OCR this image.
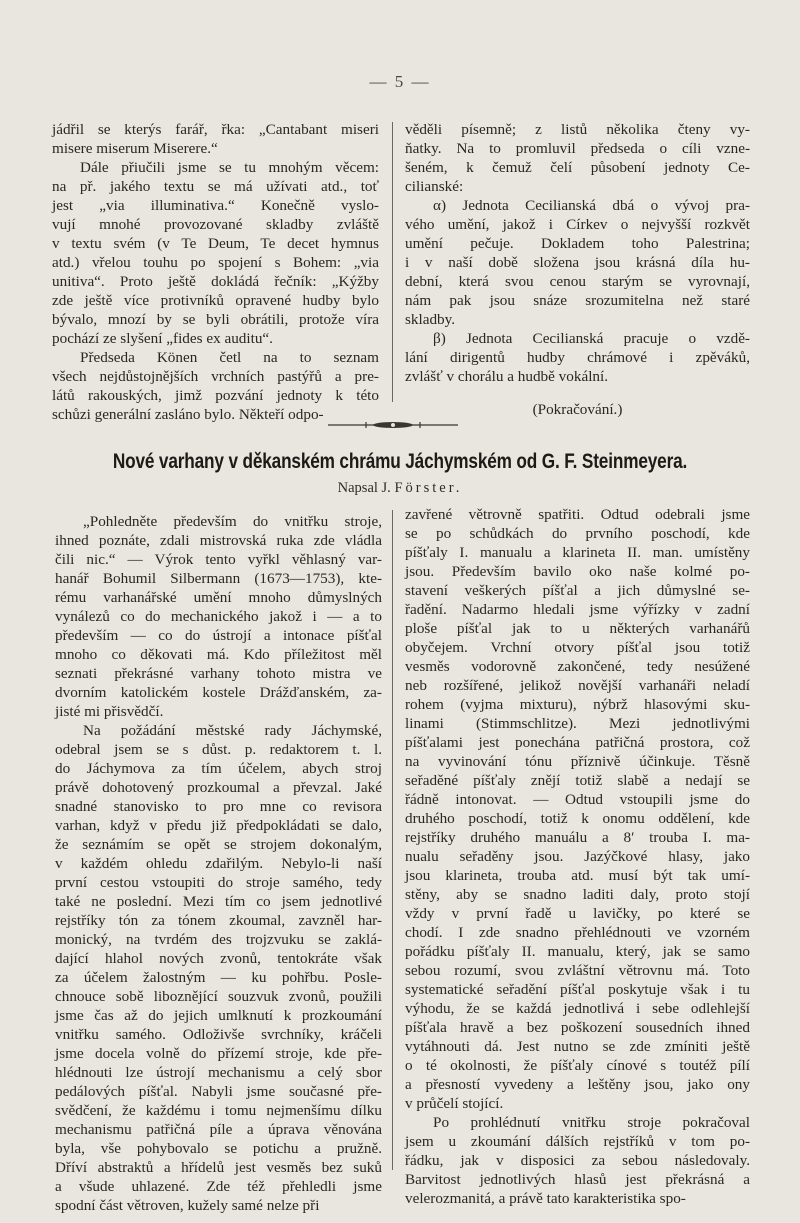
— 5 —
jádřil se kterýs farář, řka: „Cantabant miseri
misere miserum Miserere.“
Dále přiučili jsme se tu mnohým věcem:
na př. jakého textu se má užívati atd., toť
jest „via illuminativa.“ Konečně vyslo-
vují mnohé provozované skladby zvláště
v textu svém (v Te Deum, Te decet hymnus
atd.) vřelou touhu po spojení s Bohem: „via
unitiva“. Proto ještě dokládá řečník: „Kýžby
zde ještě více protivníků opravené hudby bylo
bývalo, mnozí by se byli obrátili, protože víra
pochází ze slyšení „fides ex auditu“.
Předseda Könen četl na to seznam
všech nejdůstojnějších vrchních pastýřů a pre-
látů rakouských, jimž pozvání jednoty k této
schůzi generální zasláno bylo. Někteří odpo-
věděli písemně; z listů několika čteny vy-
ňatky. Na to promluvil předseda o cíli vzne-
šeném, k čemuž čelí působení jednoty Ce-
cilianské:
α) Jednota Cecilianská dbá o vývoj pra-
vého umění, jakož i Církev o nejvyšší rozkvět
umění pečuje. Dokladem toho Palestrina;
i v naší době složena jsou krásná díla hu-
dební, která svou cenou starým se vyrovnají,
nám pak jsou snáze srozumitelna než staré
skladby.
β) Jednota Cecilianská pracuje o vzdě-
lání dirigentů hudby chrámové i zpěváků,
zvlášť v chorálu a hudbě vokální.

(Pokračování.)

Nové varhany v děkanském chrámu Jáchymském od G. F. Steinmeyera.
Napsal J. Förster.
„Pohledněte především do vnitřku stroje,
ihned poznáte, zdali mistrovská ruka zde vládla
čili nic.“ — Výrok tento vyřkl věhlasný var-
hanář Bohumil Silbermann (1673—1753), kte-
rému varhanářské umění mnoho důmyslných
vynálezů co do mechanického jakož i — a to
především — co do ústrojí a intonace píšťal
mnoho co děkovati má. Kdo příležitost měl
seznati překrásné varhany tohoto mistra ve
dvorním katolickém kostele Drážďanském, za-
jisté mi přisvědčí.
Na požádání městské rady Jáchymské,
odebral jsem se s důst. p. redaktorem t. l.
do Jáchymova za tím účelem, abych stroj
právě dohotovený prozkoumal a převzal. Jaké
snadné stanovisko to pro mne co revisora
varhan, když v předu již předpokládati se dalo,
že seznámím se opět se strojem dokonalým,
v každém ohledu zdařilým. Nebylo-li naší
první cestou vstoupiti do stroje samého, tedy
také ne poslední. Mezi tím co jsem jednotlivé
rejstříky tón za tónem zkoumal, zavzněl har-
monický, na tvrdém des trojzvuku se zaklá-
dající hlahol nových zvonů, tentokráte však
za účelem žalostným — ku pohřbu. Posle-
chnouce sobě libozněјící souzvuk zvonů, použili
jsme čas až do jejich umlknutí k prozkoumání
vnitřku samého. Odloživše svrchníky, kráčeli
jsme docela volně do přízemí stroje, kde pře-
hlédnouti lze ústrojí mechanismu a celý sbor
pedálových píšťal. Nabyli jsme současné pře-
svědčení, že každému i tomu nejmenšímu dílku
mechanismu patřičná píle a úprava věnována
byla, vše pohybovalo se potichu a pružně.
Dříví abstraktů a hřídelů jest vesměs bez suků
a všude uhlazené. Zde též přehledli jsme
spodní část větroven, kužely samé nelze při
zavřené větrovně spatřiti. Odtud odebrali jsme
se po schůdkách do prvního poschodí, kde
píšťaly I. manualu a klarineta II. man. umístěny
jsou. Především bavilo oko naše kolmé po-
stavení veškerých píšťal a jich důmyslné se-
řadění. Nadarmo hledali jsme výřízky v zadní
ploše píšťal jak to u některých varhanářů
obyčejem. Vrchní otvory píšťal jsou totiž
vesměs vodorovně zakončené, tedy nesúžené
neb rozšířené, jelikož novější varhanáři neladí
rohem (vyjma mixturu), nýbrž hlasovými sku-
linami (Stimmschlitze). Mezi jednotlivými
píšťalami jest ponechána patřičná prostora, což
na vyvinování tónu příznivě účinkuje. Těsně
seřaděné píšťaly znějí totiž slabě a nedají se
řádně intonovat. — Odtud vstoupili jsme do
druhého poschodí, totiž k onomu oddělení, kde
rejstříky druhého manuálu a 8′ trouba I. ma-
nualu seřaděny jsou. Jazýčkové hlasy, jako
jsou klarineta, trouba atd. musí být tak umí-
stěny, aby se snadno laditi daly, proto stojí
vždy v první řadě u lavičky, po které se
chodí. I zde snadno přehlédnouti ve vzorném
pořádku píšťaly II. manualu, který, jak se samo
sebou rozumí, svou zvláštní větrovnu má. Toto
systematické seřadění píšťal poskytuje však i tu
výhodu, že se každá jednotlivá i sebe odlehlejší
píšťala hravě a bez poškození sousedních ihned
vytáhnouti dá. Jest nutno se zde zmíniti ještě
o té okolnosti, že píšťaly cínové s toutéž pílí
a přesností vyvedeny a leštěny jsou, jako ony
v průčelí stojící.
Po prohlédnutí vnitřku stroje pokračoval
jsem u zkoumání dálších rejstříků v tom po-
řádku, jak v disposici za sebou následovaly.
Barvitost jednotlivých hlasů jest překrásná a
velerozmanitá, a právě tato karakteristika spo-
